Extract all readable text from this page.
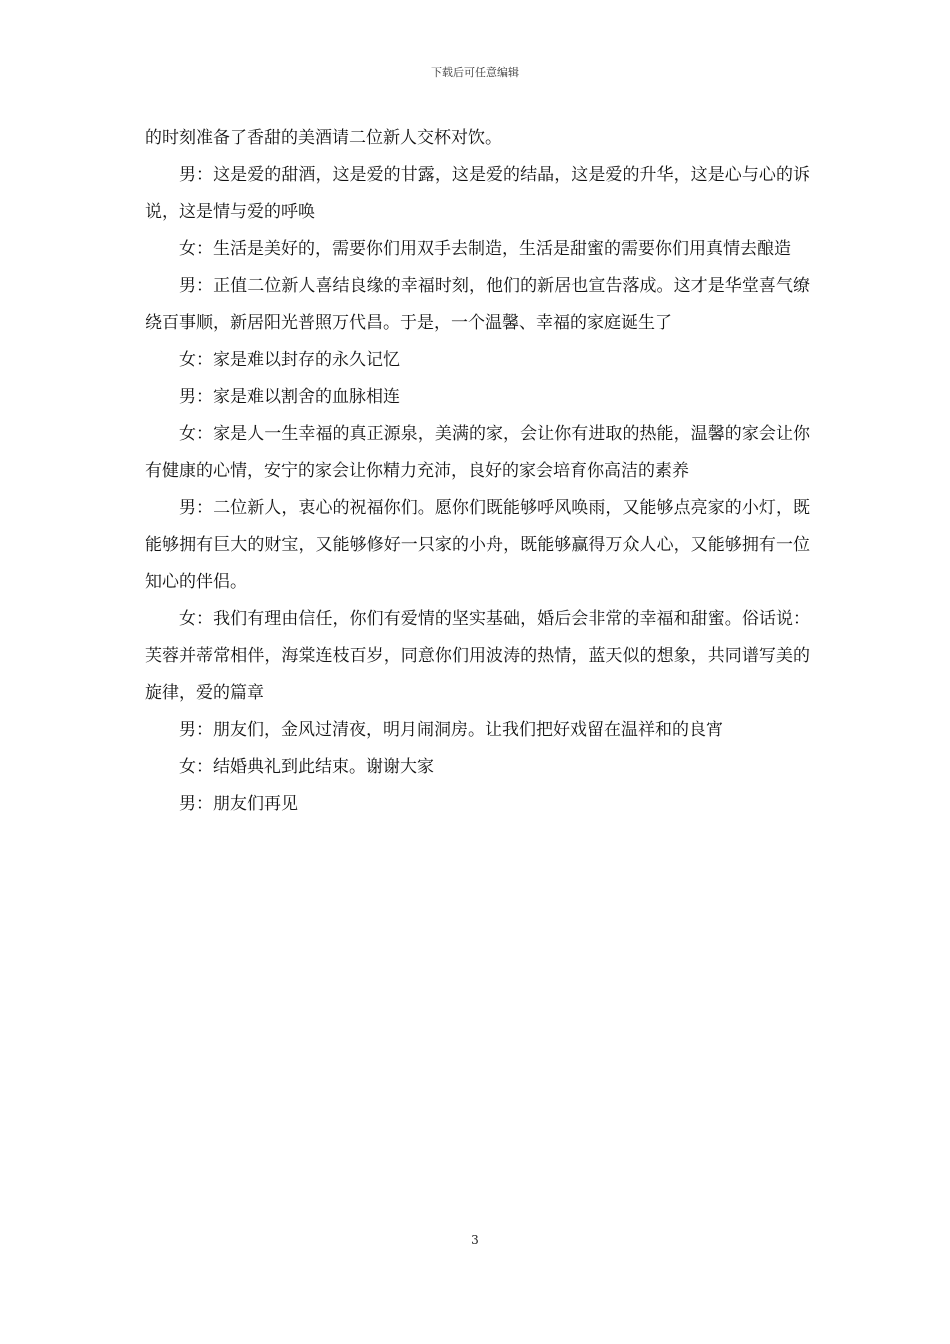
下载后可任意编辑

的时刻准备了香甜的美酒请二位新人交杯对饮。

男：这是爱的甜酒，这是爱的甘露，这是爱的结晶，这是爱的升华，这是心与心的诉说，这是情与爱的呼唤

女：生活是美好的，需要你们用双手去制造，生活是甜蜜的需要你们用真情去酿造

男：正值二位新人喜结良缘的幸福时刻，他们的新居也宣告落成。这才是华堂喜气缭绕百事顺，新居阳光普照万代昌。于是，一个温馨、幸福的家庭诞生了

女：家是难以封存的永久记忆

男：家是难以割舍的血脉相连

女：家是人一生幸福的真正源泉，美满的家，会让你有进取的热能，温馨的家会让你有健康的心情，安宁的家会让你精力充沛，良好的家会培育你高洁的素养

男：二位新人，衷心的祝福你们。愿你们既能够呼风唤雨，又能够点亮家的小灯，既能够拥有巨大的财宝，又能够修好一只家的小舟，既能够赢得万众人心，又能够拥有一位知心的伴侣。

女：我们有理由信任，你们有爱情的坚实基础，婚后会非常的幸福和甜蜜。俗话说：芙蓉并蒂常相伴，海棠连枝百岁，同意你们用波涛的热情，蓝天似的想象，共同谱写美的旋律，爱的篇章

男：朋友们，金风过清夜，明月闹洞房。让我们把好戏留在温祥和的良宵

女：结婚典礼到此结束。谢谢大家

男：朋友们再见

3
